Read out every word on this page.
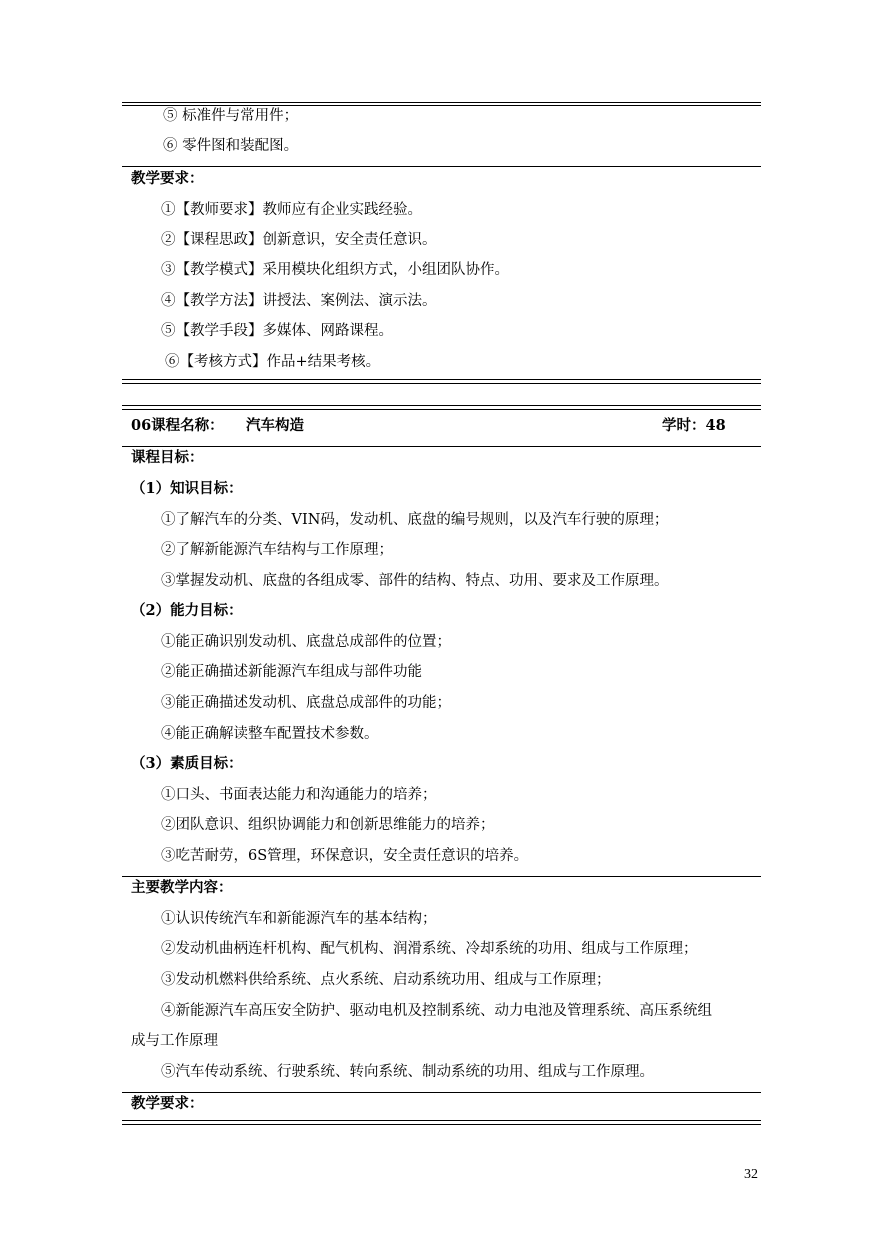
⑤ 标准件与常用件；
⑥ 零件图和装配图。
教学要求：
①【教师要求】教师应有企业实践经验。
②【课程思政】创新意识，安全责任意识。
③【教学模式】采用模块化组织方式，小组团队协作。
④【教学方法】讲授法、案例法、演示法。
⑤【教学手段】多媒体、网路课程。
⑥【考核方式】作品+结果考核。
06课程名称： 汽车构造	学时：48
课程目标：
（1）知识目标：
①了解汽车的分类、VIN码，发动机、底盘的编号规则，以及汽车行驶的原理；
②了解新能源汽车结构与工作原理；
③掌握发动机、底盘的各组成零、部件的结构、特点、功用、要求及工作原理。
（2）能力目标：
①能正确识别发动机、底盘总成部件的位置；
②能正确描述新能源汽车组成与部件功能
③能正确描述发动机、底盘总成部件的功能；
④能正确解读整车配置技术参数。
（3）素质目标：
①口头、书面表达能力和沟通能力的培养；
②团队意识、组织协调能力和创新思维能力的培养；
③吃苦耐劳，6S管理，环保意识，安全责任意识的培养。
主要教学内容：
①认识传统汽车和新能源汽车的基本结构；
②发动机曲柄连杆机构、配气机构、润滑系统、冷却系统的功用、组成与工作原理；
③发动机燃料供给系统、点火系统、启动系统功用、组成与工作原理；
④新能源汽车高压安全防护、驱动电机及控制系统、动力电池及管理系统、高压系统组
成与工作原理
⑤汽车传动系统、行驶系统、转向系统、制动系统的功用、组成与工作原理。
教学要求：
32
